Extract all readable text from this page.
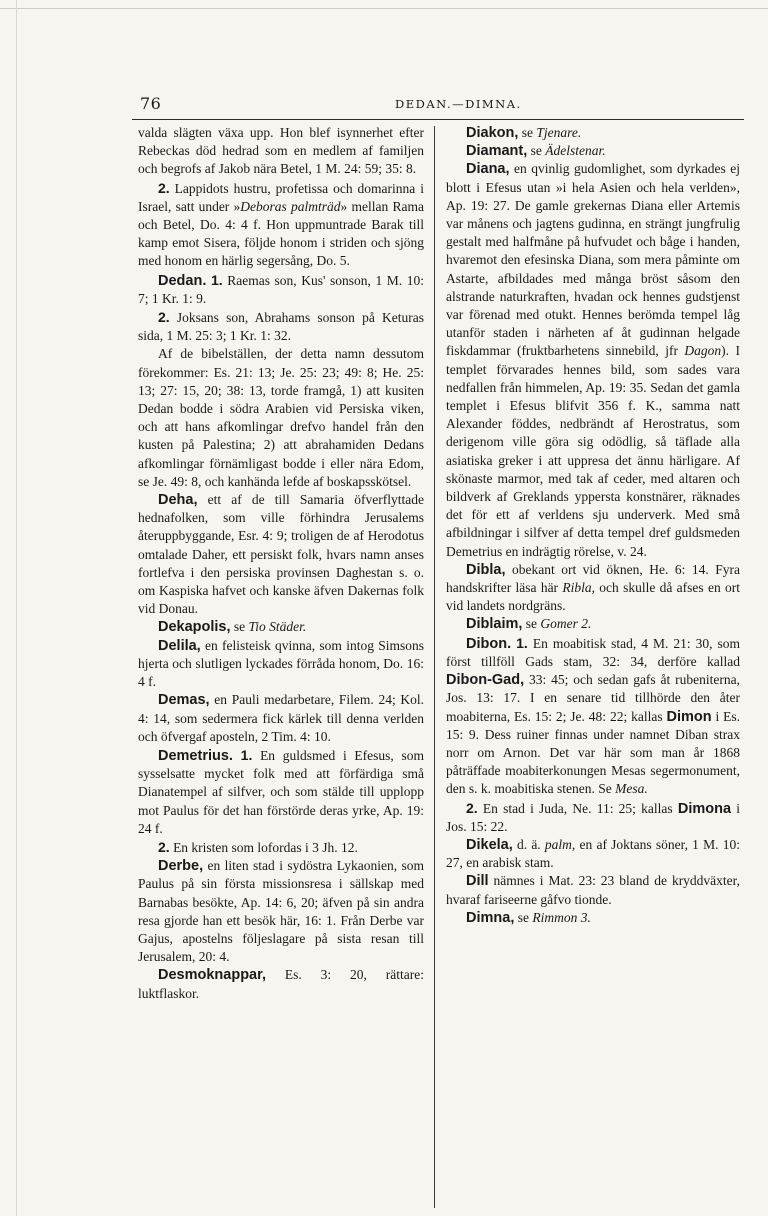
76	DEDAN.—DIMNA.

valda slägten växa upp. Hon blef isynnerhet efter Rebeckas död hedrad som en medlem af familjen och begrofs af Jakob nära Betel, 1 M. 24: 59; 35: 8.

2. Lappidots hustru, profetissa och domarinna i Israel, satt under »Deboras palmträd» mellan Rama och Betel, Do. 4: 4 f. Hon uppmuntrade Barak till kamp emot Sisera, följde honom i striden och sjöng med honom en härlig segersång, Do. 5.

Dedan. 1. Raemas son, Kus' sonson, 1 M. 10: 7; 1 Kr. 1: 9.

2. Joksans son, Abrahams sonson på Keturas sida, 1 M. 25: 3; 1 Kr. 1: 32.

Af de bibelställen, der detta namn dessutom förekommer: Es. 21: 13; Je. 25: 23; 49: 8; He. 25: 13; 27: 15, 20; 38: 13, torde framgå, 1) att kusiten Dedan bodde i södra Arabien vid Persiska viken, och att hans afkomlingar drefvo handel från den kusten på Palestina; 2) att abrahamiden Dedans afkomlingar förnämligast bodde i eller nära Edom, se Je. 49: 8, och kanhända lefde af boskapsskötsel.

Deha, ett af de till Samaria öfverflyttade hednafolken, som ville förhindra Jerusalems återuppbyggande, Esr. 4: 9; troligen de af Herodotus omtalade Daher, ett persiskt folk, hvars namn anses fortlefva i den persiska provinsen Daghestan s. o. om Kaspiska hafvet och kanske äfven Dakernas folk vid Donau.

Dekapolis, se Tio Städer.

Delila, en felisteisk qvinna, som intog Simsons hjerta och slutligen lyckades förråda honom, Do. 16: 4 f.

Demas, en Pauli medarbetare, Filem. 24; Kol. 4: 14, som sedermera fick kärlek till denna verlden och öfvergaf aposteln, 2 Tim. 4: 10.

Demetrius. 1. En guldsmed i Efesus, som sysselsatte mycket folk med att förfärdiga små Dianatempel af silfver, och som stälde till upplopp mot Paulus för det han förstörde deras yrke, Ap. 19: 24 f.

2. En kristen som lofordas i 3 Jh. 12.

Derbe, en liten stad i sydöstra Lykaonien, som Paulus på sin första missionsresa i sällskap med Barnabas besökte, Ap. 14: 6, 20; äfven på sin andra resa gjorde han ett besök här, 16: 1. Från Derbe var Gajus, apostelns följeslagare på sista resan till Jerusalem, 20: 4.

Desmoknappar, Es. 3: 20, rättare: luktflaskor.

Diakon, se Tjenare.

Diamant, se Ädelstenar.

Diana, en qvinlig gudomlighet, som dyrkades ej blott i Efesus utan »i hela Asien och hela verlden», Ap. 19: 27. De gamle grekernas Diana eller Artemis var månens och jagtens gudinna, en strängt jungfrulig gestalt med halfmåne på hufvudet och båge i handen, hvaremot den efesinska Diana, som mera påminte om Astarte, afbildades med många bröst såsom den alstrande naturkraften, hvadan ock hennes gudstjenst var förenad med otukt. Hennes berömda tempel låg utanför staden i närheten af åt gudinnan helgade fiskdammar (fruktbarhetens sinnebild, jfr Dagon). I templet förvarades hennes bild, som sades vara nedfallen från himmelen, Ap. 19: 35. Sedan det gamla templet i Efesus blifvit 356 f. K., samma natt Alexander föddes, nedbrändt af Herostratus, som derigenom ville göra sig odödlig, så täflade alla asiatiska greker i att uppresa det ännu härligare. Af skönaste marmor, med tak af ceder, med altaren och bildverk af Greklands yppersta konstnärer, räknades det för ett af verldens sju underverk. Med små afbildningar i silfver af detta tempel dref guldsmeden Demetrius en indrägtig rörelse, v. 24.

Dibla, obekant ort vid öknen, He. 6: 14. Fyra handskrifter läsa här Ribla, och skulle då afses en ort vid landets nordgräns.

Diblaim, se Gomer 2.

Dibon. 1. En moabitisk stad, 4 M. 21: 30, som först tillföll Gads stam, 32: 34, derföre kallad Dibon-Gad, 33: 45; och sedan gafs åt rubeniterna, Jos. 13: 17. I en senare tid tillhörde den åter moabiterna, Es. 15: 2; Je. 48: 22; kallas Dimon i Es. 15: 9. Dess ruiner finnas under namnet Diban strax norr om Arnon. Det var här som man år 1868 påträffade moabiterkonungen Mesas segermonument, den s. k. moabitiska stenen. Se Mesa.

2. En stad i Juda, Ne. 11: 25; kallas Dimona i Jos. 15: 22.

Dikela, d. ä. palm, en af Joktans söner, 1 M. 10: 27, en arabisk stam.

Dill nämnes i Mat. 23: 23 bland de kryddväxter, hvaraf fariseerne gåfvo tionde.

Dimna, se Rimmon 3.
